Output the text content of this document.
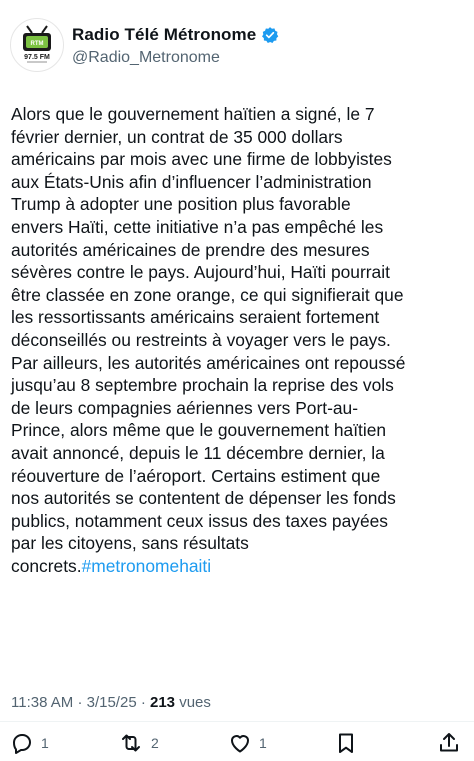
RTM
97.5 FM
Radio Télé Métronome
@Radio_Metronome

Alors que le gouvernement haïtien a signé, le 7
février dernier, un contrat de 35 000 dollars
américains par mois avec une firme de lobbyistes
aux États-Unis afin d’influencer l’administration
Trump à adopter une position plus favorable
envers Haïti, cette initiative n’a pas empêché les
autorités américaines de prendre des mesures
sévères contre le pays. Aujourd’hui, Haïti pourrait
être classée en zone orange, ce qui signifierait que
les ressortissants américains seraient fortement
déconseillés ou restreints à voyager vers le pays.
Par ailleurs, les autorités américaines ont repoussé
jusqu’au 8 septembre prochain la reprise des vols
de leurs compagnies aériennes vers Port-au-
Prince, alors même que le gouvernement haïtien
avait annoncé, depuis le 11 décembre dernier, la
réouverture de l’aéroport. Certains estiment que
nos autorités se contentent de dépenser les fonds
publics, notamment ceux issus des taxes payées
par les citoyens, sans résultats
concrets.#metronomehaiti

11:38 AM · 3/15/25 · 213 vues
1	2	1
